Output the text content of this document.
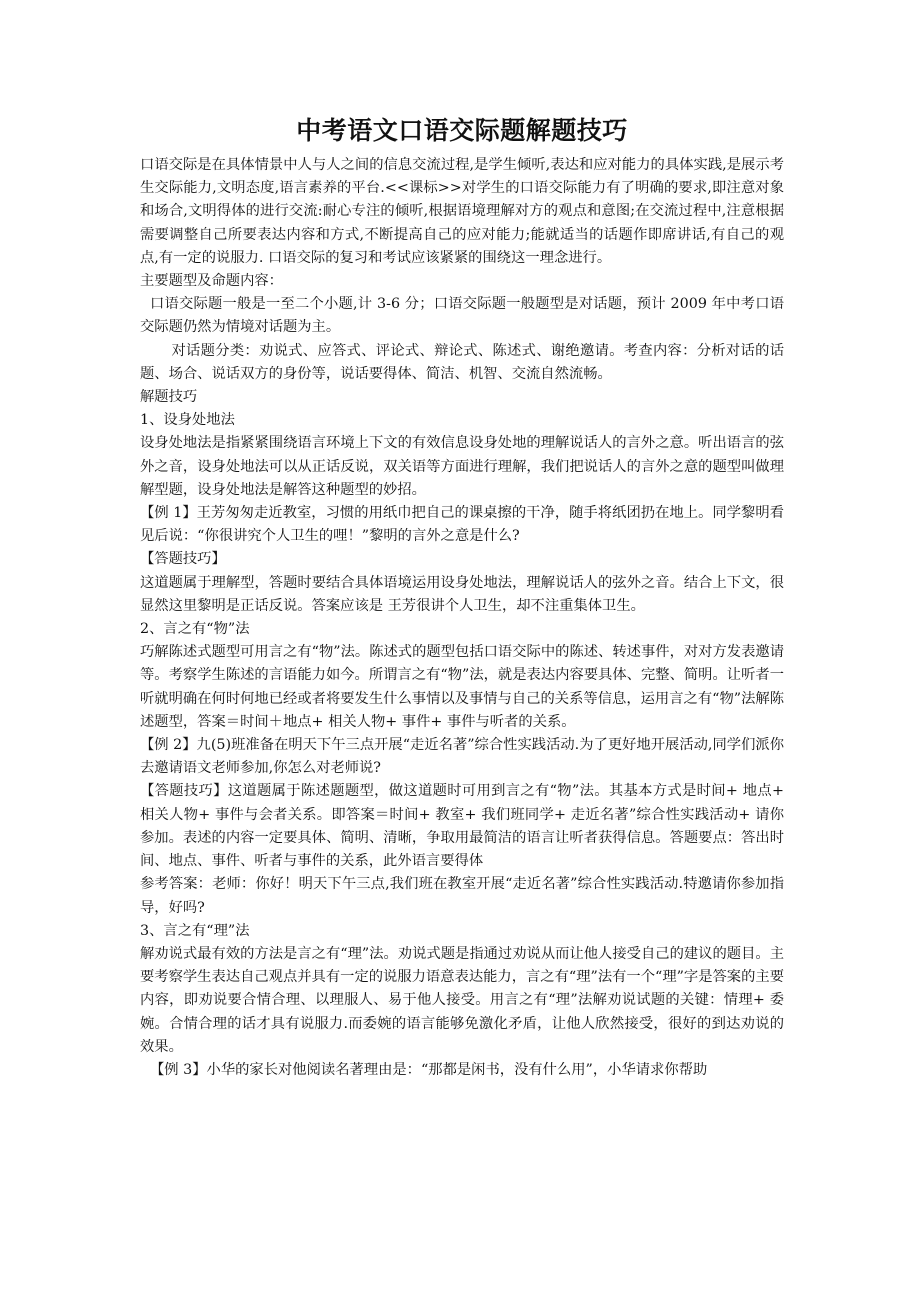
中考语文口语交际题解题技巧

口语交际是在具体情景中人与人之间的信息交流过程,是学生倾听,表达和应对能力的具体实践,是展示考生交际能力,文明态度,语言素养的平台.<<课标>>对学生的口语交际能力有了明确的要求,即注意对象和场合,文明得体的进行交流:耐心专注的倾听,根据语境理解对方的观点和意图;在交流过程中,注意根据需要调整自己所要表达内容和方式,不断提高自己的应对能力;能就适当的话题作即席讲话,有自己的观点,有一定的说服力. 口语交际的复习和考试应该紧紧的围绕这一理念进行。

主要题型及命题内容：

口语交际题一般是一至二个小题,计 3-6 分；口语交际题一般题型是对话题，预计 2009 年中考口语交际题仍然为情境对话题为主。

对话题分类：劝说式、应答式、评论式、辩论式、陈述式、谢绝邀请。考查内容：分析对话的话题、场合、说话双方的身份等，说话要得体、简洁、机智、交流自然流畅。

解题技巧

1、设身处地法

设身处地法是指紧紧围绕语言环境上下文的有效信息设身处地的理解说话人的言外之意。听出语言的弦外之音，设身处地法可以从正话反说，双关语等方面进行理解，我们把说话人的言外之意的题型叫做理解型题，设身处地法是解答这种题型的妙招。

【例 1】王芳匆匆走近教室，习惯的用纸巾把自己的课桌擦的干净，随手将纸团扔在地上。同学黎明看见后说：“你很讲究个人卫生的哩！”黎明的言外之意是什么?

【答题技巧】

这道题属于理解型，答题时要结合具体语境运用设身处地法，理解说话人的弦外之音。结合上下文，很显然这里黎明是正话反说。答案应该是 王芳很讲个人卫生，却不注重集体卫生。

2、言之有“物”法

巧解陈述式题型可用言之有“物”法。陈述式的题型包括口语交际中的陈述、转述事件，对对方发表邀请等。考察学生陈述的言语能力如今。所谓言之有“物”法，就是表达内容要具体、完整、简明。让听者一听就明确在何时何地已经或者将要发生什么事情以及事情与自己的关系等信息，运用言之有“物”法解陈述题型，答案＝时间＋地点+ 相关人物+ 事件+ 事件与听者的关系。

【例 2】九(5)班准备在明天下午三点开展“走近名著”综合性实践活动.为了更好地开展活动,同学们派你去邀请语文老师参加,你怎么对老师说?

【答题技巧】这道题属于陈述题题型，做这道题时可用到言之有“物”法。其基本方式是时间+ 地点+ 相关人物+ 事件与会者关系。即答案＝时间+ 教室+ 我们班同学+ 走近名著”综合性实践活动+ 请你参加。表述的内容一定要具体、简明、清晰，争取用最简洁的语言让听者获得信息。答题要点：答出时间、地点、事件、听者与事件的关系，此外语言要得体

参考答案：老师：你好！明天下午三点,我们班在教室开展“走近名著”综合性实践活动.特邀请你参加指导，好吗?

3、言之有“理”法

解劝说式最有效的方法是言之有“理”法。劝说式题是指通过劝说从而让他人接受自己的建议的题目。主要考察学生表达自己观点并具有一定的说服力语意表达能力，言之有“理”法有一个“理”字是答案的主要内容，即劝说要合情合理、以理服人、易于他人接受。用言之有“理”法解劝说试题的关键：情理+ 委婉。合情合理的话才具有说服力.而委婉的语言能够免激化矛盾，让他人欣然接受，很好的到达劝说的效果。

【例 3】小华的家长对他阅读名著理由是：“那都是闲书，没有什么用”，小华请求你帮助
